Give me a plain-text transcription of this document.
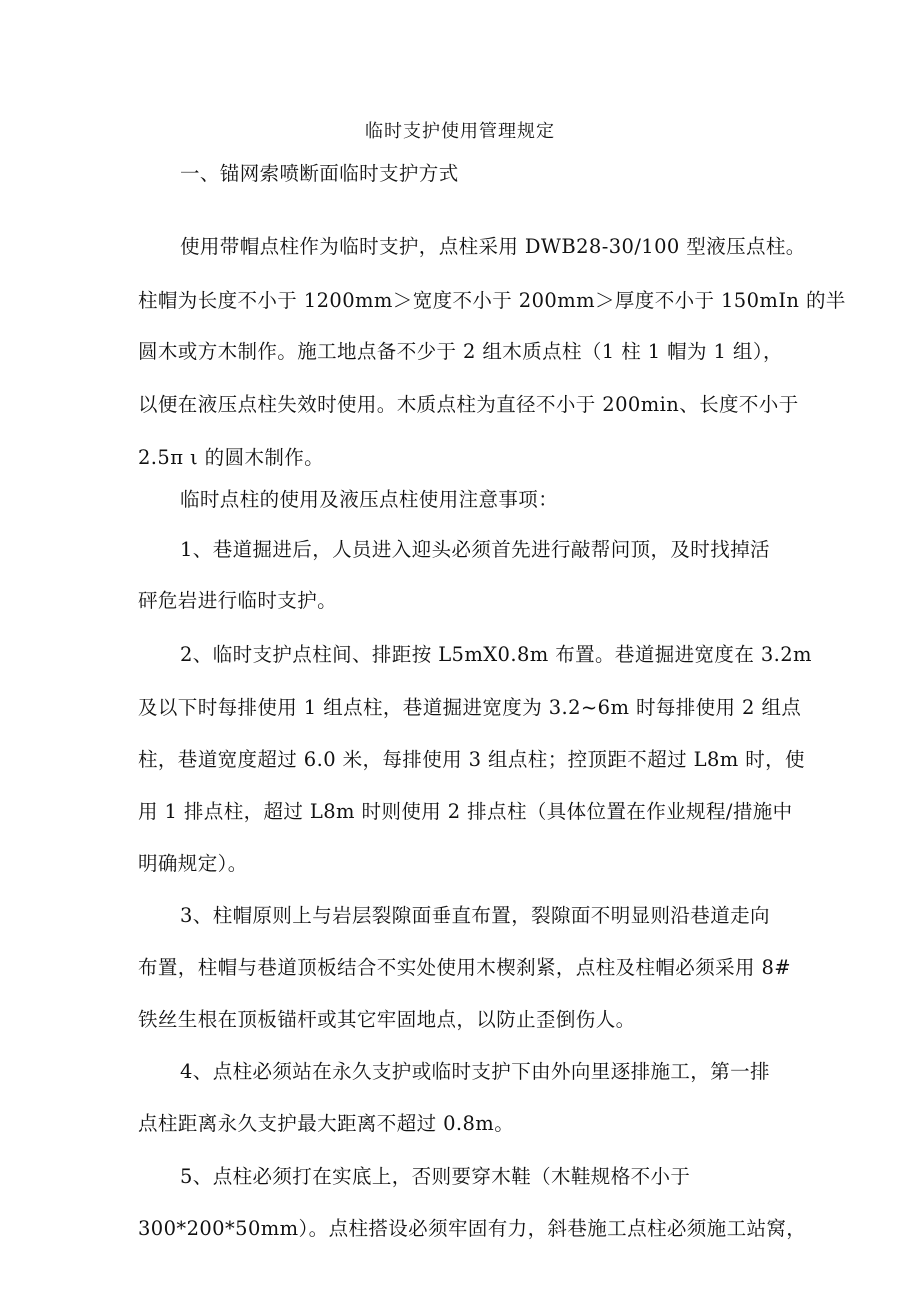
临时支护使用管理规定
一、锚网索喷断面临时支护方式
使用带帽点柱作为临时支护，点柱采用 DWB28-30/100 型液压点柱。
柱帽为长度不小于 1200mm＞宽度不小于 200mm＞厚度不小于 150mIn 的半
圆木或方木制作。施工地点备不少于 2 组木质点柱（1 柱 1 帽为 1 组），
以便在液压点柱失效时使用。木质点柱为直径不小于 200min、长度不小于
2.5π ι 的圆木制作。
临时点柱的使用及液压点柱使用注意事项：
1、巷道掘进后，人员进入迎头必须首先进行敲帮问顶，及时找掉活
砰危岩进行临时支护。
2、临时支护点柱间、排距按 L5mX0.8m 布置。巷道掘进宽度在 3.2m
及以下时每排使用 1 组点柱，巷道掘进宽度为 3.2~6m 时每排使用 2 组点
柱，巷道宽度超过 6.0 米，每排使用 3 组点柱；控顶距不超过 L8m 时，使
用 1 排点柱，超过 L8m 时则使用 2 排点柱（具体位置在作业规程/措施中
明确规定）。
3、柱帽原则上与岩层裂隙面垂直布置，裂隙面不明显则沿巷道走向
布置，柱帽与巷道顶板结合不实处使用木楔刹紧，点柱及柱帽必须采用 8#
铁丝生根在顶板锚杆或其它牢固地点，以防止歪倒伤人。
4、点柱必须站在永久支护或临时支护下由外向里逐排施工，第一排
点柱距离永久支护最大距离不超过 0.8m。
5、点柱必须打在实底上，否则要穿木鞋（木鞋规格不小于
300*200*50mm）。点柱搭设必须牢固有力，斜巷施工点柱必须施工站窝，
